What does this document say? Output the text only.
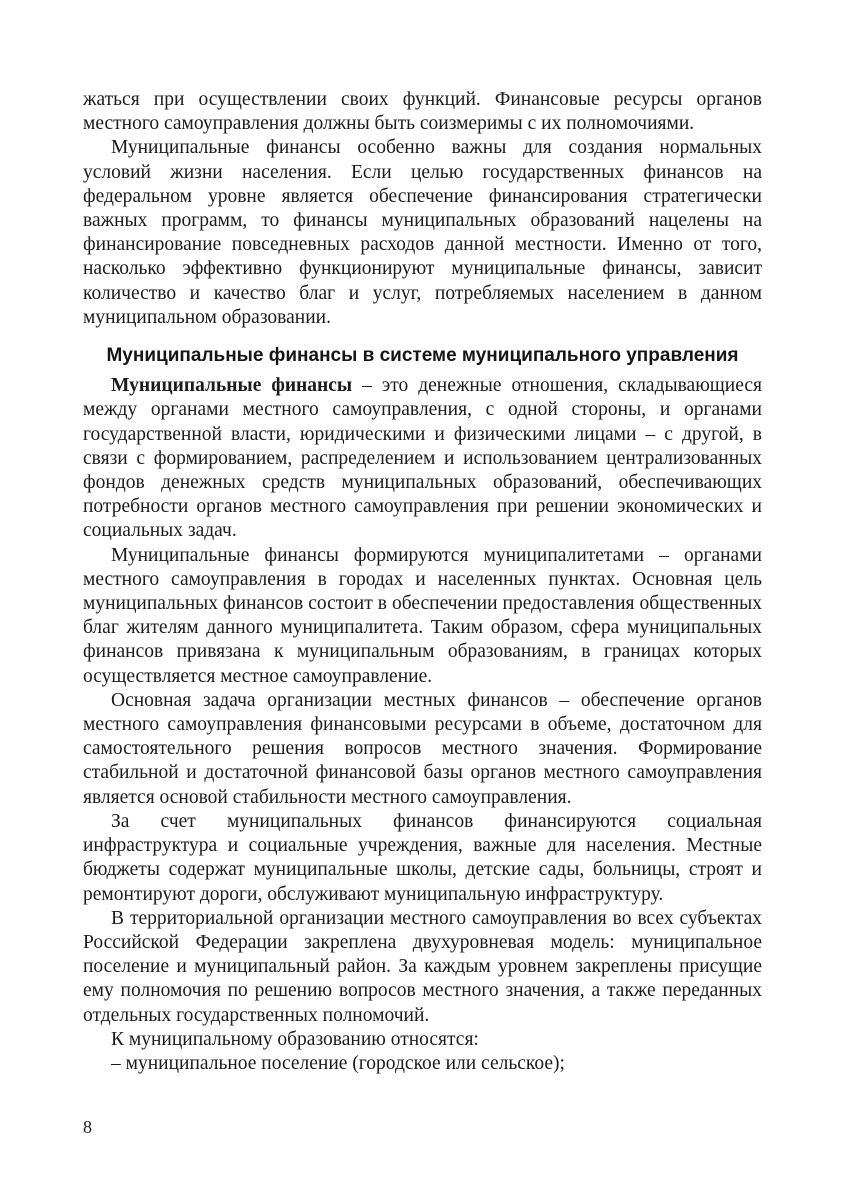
жаться при осуществлении своих функций. Финансовые ресурсы органов местного самоуправления должны быть соизмеримы с их полномочиями.

Муниципальные финансы особенно важны для создания нормальных условий жизни населения. Если целью государственных финансов на федеральном уровне является обеспечение финансирования стратегически важных программ, то финансы муниципальных образований нацелены на финансирование повседневных расходов данной местности. Именно от того, насколько эффективно функционируют муниципальные финансы, зависит количество и качество благ и услуг, потребляемых населением в данном муниципальном образовании.

Муниципальные финансы в системе муниципального управления

Муниципальные финансы – это денежные отношения, складывающиеся между органами местного самоуправления, с одной стороны, и органами государственной власти, юридическими и физическими лицами – с другой, в связи с формированием, распределением и использованием централизованных фондов денежных средств муниципальных образований, обеспечивающих потребности органов местного самоуправления при решении экономических и социальных задач.

Муниципальные финансы формируются муниципалитетами – органами местного самоуправления в городах и населенных пунктах. Основная цель муниципальных финансов состоит в обеспечении предоставления общественных благ жителям данного муниципалитета. Таким образом, сфера муниципальных финансов привязана к муниципальным образованиям, в границах которых осуществляется местное самоуправление.

Основная задача организации местных финансов – обеспечение органов местного самоуправления финансовыми ресурсами в объеме, достаточном для самостоятельного решения вопросов местного значения. Формирование стабильной и достаточной финансовой базы органов местного самоуправления является основой стабильности местного самоуправления.

За счет муниципальных финансов финансируются социальная инфраструктура и социальные учреждения, важные для населения. Местные бюджеты содержат муниципальные школы, детские сады, больницы, строят и ремонтируют дороги, обслуживают муниципальную инфраструктуру.

В территориальной организации местного самоуправления во всех субъектах Российской Федерации закреплена двухуровневая модель: муниципальное поселение и муниципальный район. За каждым уровнем закреплены присущие ему полномочия по решению вопросов местного значения, а также переданных отдельных государственных полномочий.

К муниципальному образованию относятся:

– муниципальное поселение (городское или сельское);

8
